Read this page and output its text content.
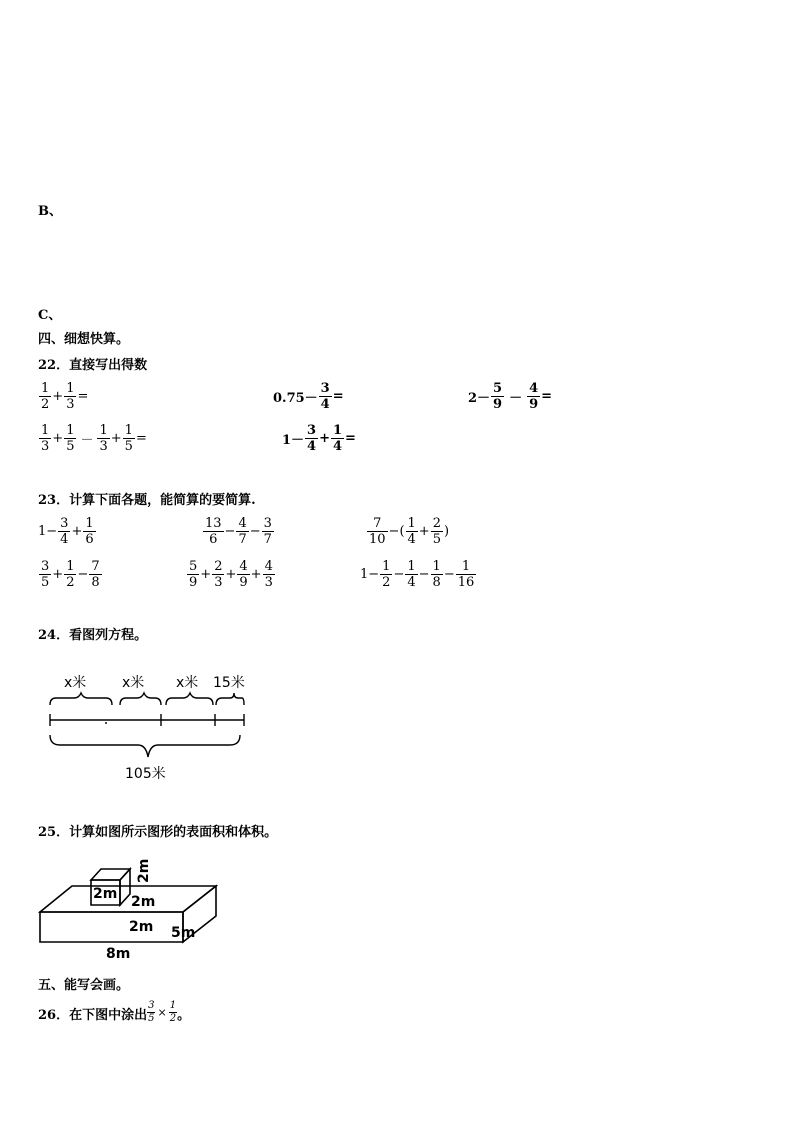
B、
C、
四、细想快算。
22．直接写出得数
$\frac{1}{2} + \frac{1}{3}$ =	$0.75- \frac{3}{4}$ =	$2- \frac{5}{9} - \frac{4}{9}$ =
$\frac{1}{3} + \frac{1}{5} - \frac{1}{3} + \frac{1}{5}$ =	$1- \frac{3}{4} + \frac{1}{4}$ =
23．计算下面各题，能简算的要简算.
$1- \frac{3}{4} + \frac{1}{6}$	$\frac{13}{6} - \frac{4}{7} - \frac{3}{7}$	$\frac{7}{10}$ −( $\frac{1}{4} + \frac{2}{5}$ )
$\frac{3}{5} + \frac{1}{2} - \frac{7}{8}$	$\frac{5}{9} + \frac{2}{3} + \frac{4}{9} + \frac{4}{3}$	$1- \frac{1}{2} - \frac{1}{4} - \frac{1}{8} - \frac{1}{16}$
24．看图列方程。
x米	x米 x米 15米
105米
25．计算如图所示图形的表面积和体积。
2m
2m
2m
2m 5m
8m
五、能写会画。
26．在下图中涂出 $\frac{3}{5} \times \frac{1}{2}$ 。
